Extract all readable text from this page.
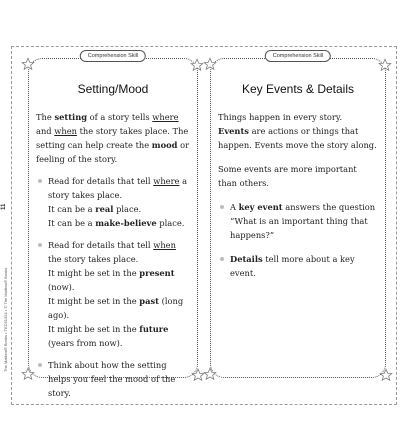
11
The Mailbox® Books • TEC61324 • © The Mailbox® Books
Comprehension Skill
Setting/Mood

The setting of a story tells where and when the story takes place. The setting can help create the mood or feeling of the story.

Read for details that tell where a story takes place.

It can be a real place.

It can be a make-believe place.

Read for details that tell when the story takes place.

It might be set in the present (now).

It might be set in the past (long ago).

It might be set in the future (years from now).

Think about how the setting helps you feel the mood of the story.

Comprehension Skill
Key Events & Details

Things happen in every story.

Events are actions or things that happen. Events move the story along.

Some events are more important than others.

A key event answers the question “What is an important thing that happens?”

Details tell more about a key event.
